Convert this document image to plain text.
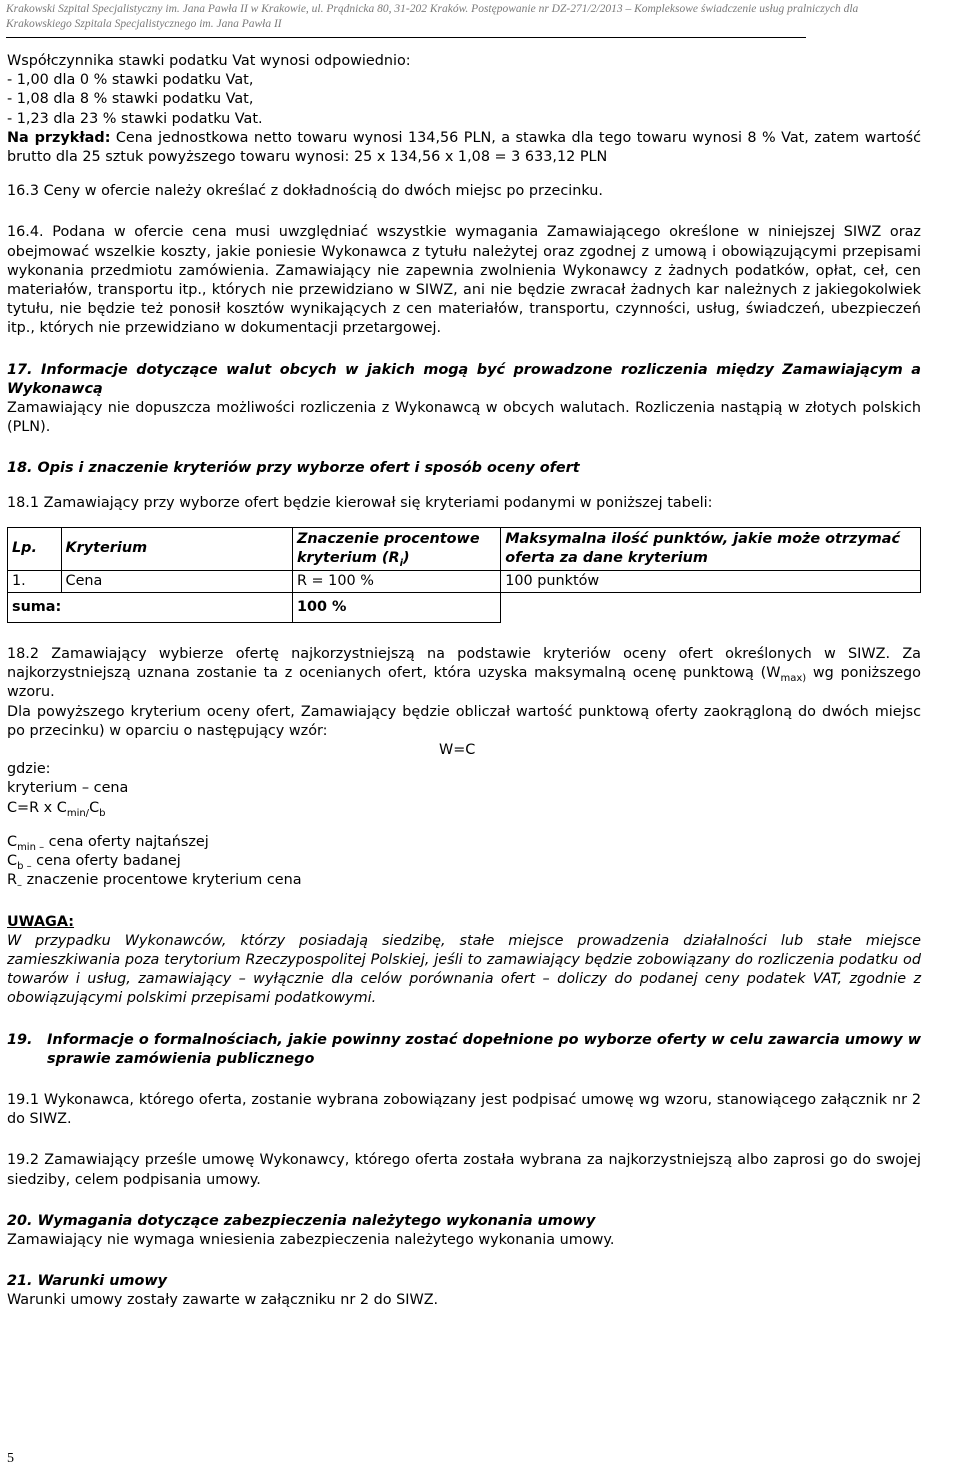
Krakowski Szpital Specjalistyczny im. Jana Pawła II w Krakowie, ul. Prądnicka 80, 31-202 Kraków. Postępowanie nr DZ-271/2/2013 – Kompleksowe świadczenie usług pralniczych dla
Krakowskiego Szpitala Specjalistycznego im. Jana Pawła II

Współczynnika stawki podatku Vat wynosi odpowiednio:

- 1,00 dla 0 % stawki podatku Vat,

- 1,08 dla 8 % stawki podatku Vat,

- 1,23 dla 23 % stawki podatku Vat.

Na przykład: Cena jednostkowa netto towaru wynosi 134,56 PLN, a stawka dla tego towaru wynosi 8 % Vat, zatem wartość brutto dla 25 sztuk powyższego towaru wynosi: 25 x 134,56 x 1,08 = 3 633,12 PLN

16.3 Ceny w ofercie należy określać z dokładnością do dwóch miejsc po przecinku.

16.4. Podana w ofercie cena musi uwzględniać wszystkie wymagania Zamawiającego określone w niniejszej SIWZ oraz obejmować wszelkie koszty, jakie poniesie Wykonawca z tytułu należytej oraz zgodnej z umową i obowiązującymi przepisami wykonania przedmiotu zamówienia. Zamawiający nie zapewnia zwolnienia Wykonawcy z żadnych podatków, opłat, ceł, cen materiałów, transportu itp., których nie przewidziano w SIWZ, ani nie będzie zwracał żadnych kar należnych z jakiegokolwiek tytułu, nie będzie też ponosił kosztów wynikających z cen materiałów, transportu, czynności, usług, świadczeń, ubezpieczeń itp., których nie przewidziano w dokumentacji przetargowej.

17. Informacje dotyczące walut obcych w jakich mogą być prowadzone rozliczenia między Zamawiającym a Wykonawcą

Zamawiający nie dopuszcza możliwości rozliczenia z Wykonawcą w obcych walutach. Rozliczenia nastąpią w złotych polskich (PLN).

18. Opis i znaczenie kryteriów przy wyborze ofert i sposób oceny ofert

18.1 Zamawiający przy wyborze ofert będzie kierował się kryteriami podanymi w poniższej tabeli:

Lp.	Kryterium	Znaczenie procentowe
kryterium $(R_i)$	Maksymalna ilość punktów, jakie może otrzymać oferta za dane kryterium
1.	Cena	R = 100 %	100 punktów
suma:		100 %	

18.2 Zamawiający wybierze ofertę najkorzystniejszą na podstawie kryteriów oceny ofert określonych w SIWZ. Za najkorzystniejszą uznana zostanie ta z ocenianych ofert, która uzyska maksymalną ocenę punktową ($W_{max)}$ wg poniższego wzoru.

Dla powyższego kryterium oceny ofert, Zamawiający będzie obliczał wartość punktową oferty zaokrągloną do dwóch miejsc po przecinku) w oparciu o następujący wzór:

W=C

gdzie:

kryterium – cena

C=R x $C_{min/}C_b$

$C_{min -}$ cena oferty najtańszej

$C_{b -}$ cena oferty badanej

$R_-$ znaczenie procentowe kryterium cena

UWAGA:

W przypadku Wykonawców, którzy posiadają siedzibę, stałe miejsce prowadzenia działalności lub stałe miejsce zamieszkiwania poza terytorium Rzeczypospolitej Polskiej, jeśli to zamawiający będzie zobowiązany do rozliczenia podatku od towarów i usług, zamawiający – wyłącznie dla celów porównania ofert – doliczy do podanej ceny podatek VAT, zgodnie z obowiązującymi polskimi przepisami podatkowymi.

19.	Informacje o formalnościach, jakie powinny zostać dopełnione po wyborze oferty w celu zawarcia umowy w sprawie zamówienia publicznego

19.1 Wykonawca, którego oferta, zostanie wybrana zobowiązany jest podpisać umowę wg wzoru, stanowiącego załącznik nr 2 do SIWZ.

19.2 Zamawiający prześle umowę Wykonawcy, którego oferta została wybrana za najkorzystniejszą albo zaprosi go do swojej siedziby, celem podpisania umowy.

20. Wymagania dotyczące zabezpieczenia należytego wykonania umowy

Zamawiający nie wymaga wniesienia zabezpieczenia należytego wykonania umowy.

21. Warunki umowy

Warunki umowy zostały zawarte w załączniku nr 2 do SIWZ.

5
